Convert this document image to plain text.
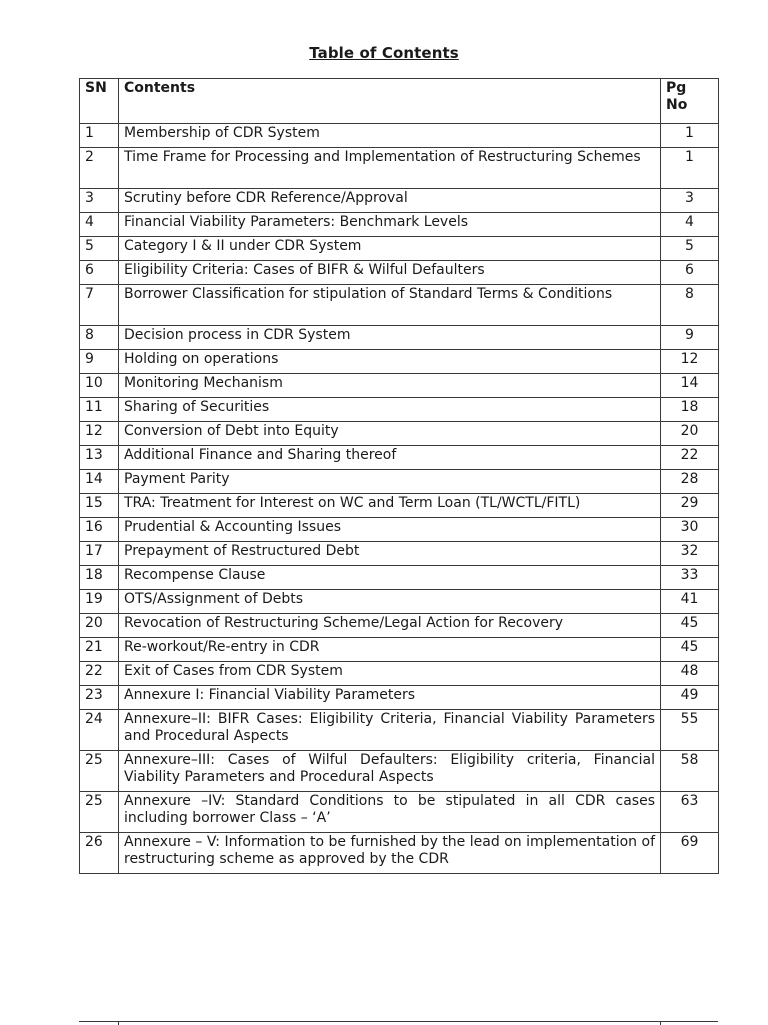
Table of Contents
SN	Contents	Pg
No
1	Membership of CDR System	1
2	Time Frame for Processing and Implementation of Restructuring Schemes	1
3	Scrutiny before CDR Reference/Approval	3
4	Financial Viability Parameters: Benchmark Levels	4
5	Category I & II under CDR System	5
6	Eligibility Criteria: Cases of BIFR & Wilful Defaulters	6
7	Borrower Classification for stipulation of Standard Terms & Conditions	8
8	Decision process in CDR System	9
9	Holding on operations	12
10	Monitoring Mechanism	14
11	Sharing of Securities	18
12	Conversion of Debt into Equity	20
13	Additional Finance and Sharing thereof	22
14	Payment Parity	28
15	TRA: Treatment for Interest on WC and Term Loan (TL/WCTL/FITL)	29
16	Prudential & Accounting Issues	30
17	Prepayment of Restructured Debt	32
18	Recompense Clause	33
19	OTS/Assignment of Debts	41
20	Revocation of Restructuring Scheme/Legal Action for Recovery	45
21	Re-workout/Re-entry in CDR	45
22	Exit of Cases from CDR System	48
23	Annexure I: Financial Viability Parameters	49
24	Annexure–II: BIFR Cases: Eligibility Criteria, Financial Viability Parameters and Procedural Aspects	55
25	Annexure–III: Cases of Wilful Defaulters: Eligibility criteria, Financial Viability Parameters and Procedural Aspects	58
25	Annexure –IV: Standard Conditions to be stipulated in all CDR cases including borrower Class – ‘A’	63
26	Annexure – V: Information to be furnished by the lead on implementation of restructuring scheme as approved by the CDR	69
